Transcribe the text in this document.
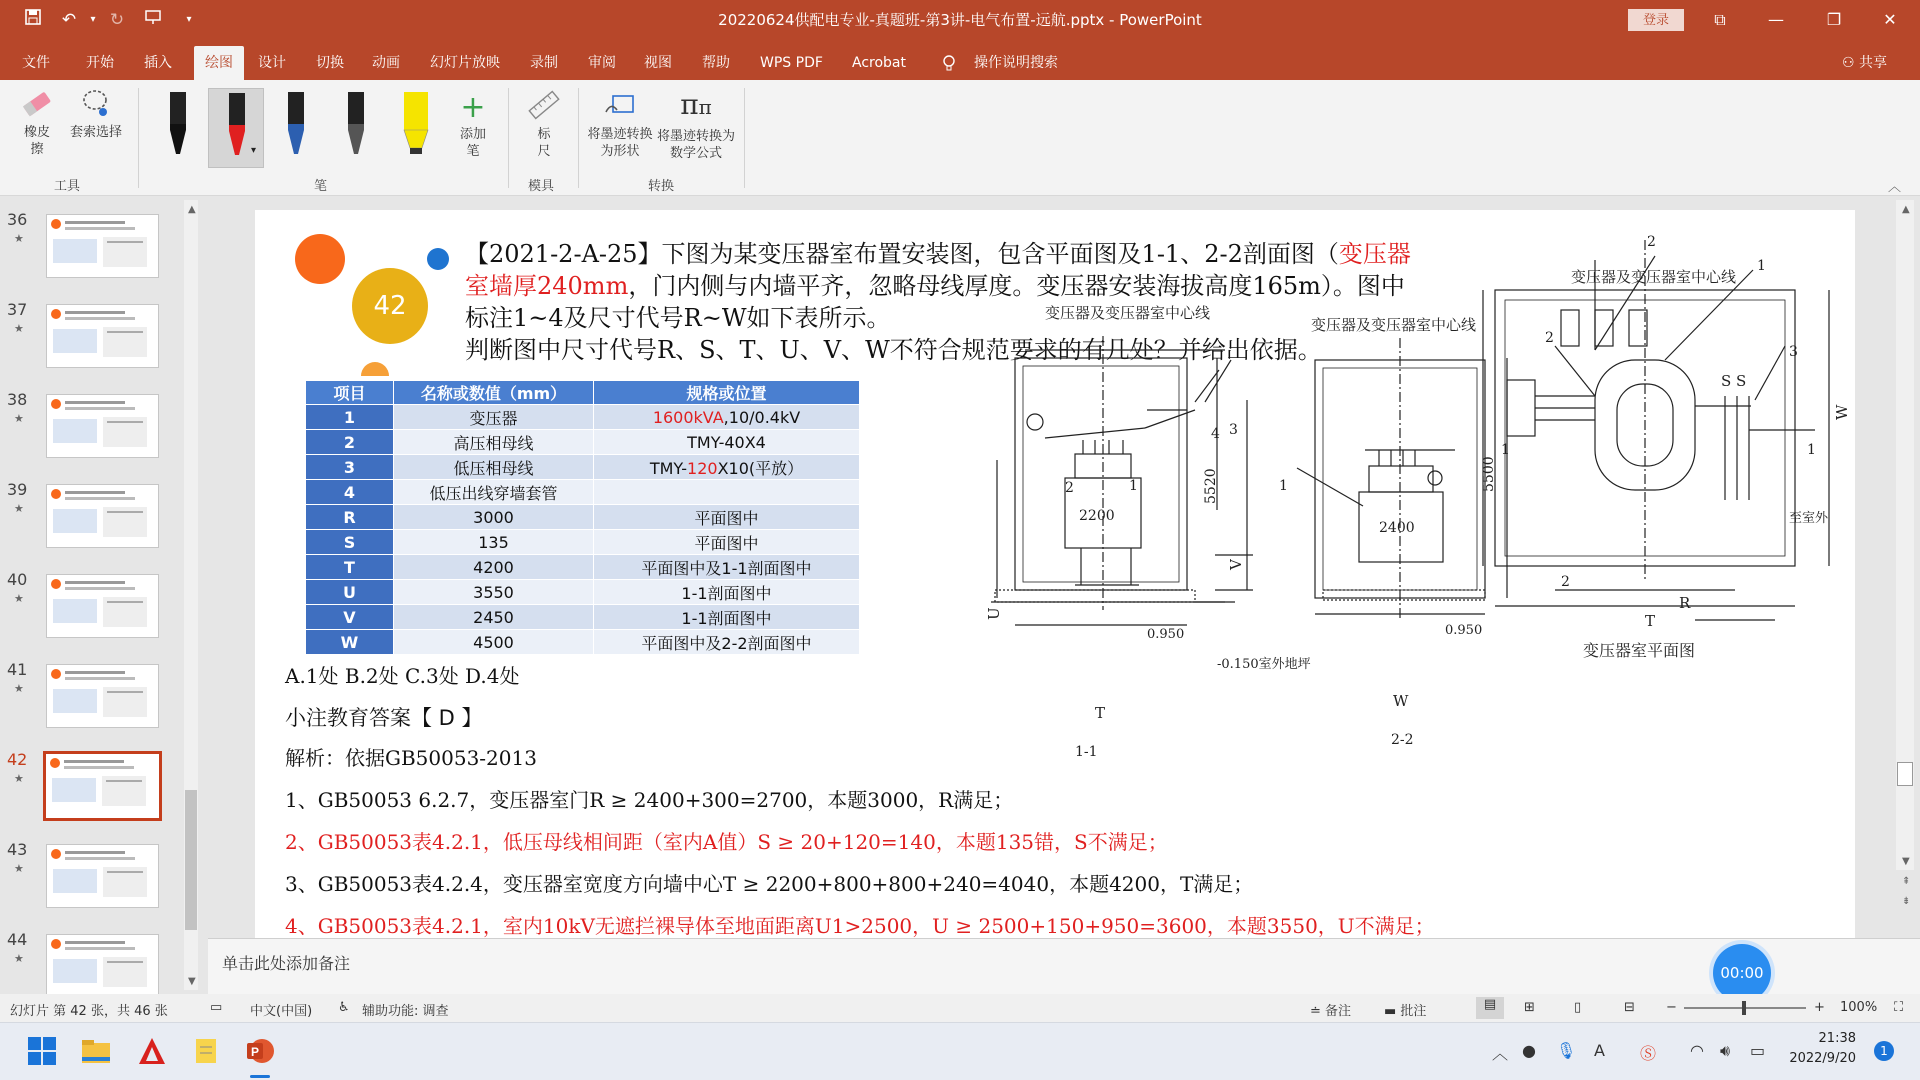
↶	▾ ↻	▾	20220624供配电专业-真题班-第3讲-电气布置-远航.pptx - PowerPoint	登录	⧉	—	❐	✕
文件	开始	插入	绘图	设计	切换	动画	幻灯片放映	录制	审阅	视图	帮助	WPS PDF	Acrobat	操作说明搜索	⚇ 共享
橡皮擦
套索选择
▾
+
添加笔
标尺
将墨迹转换为形状
ππ
将墨迹转换为数学公式
工具	笔	模具	转换	︿
36
★
37
★
38
★
39
★
40
★
41
★
42
★
43
★
44
★
▲
▼
42
【2021-2-A-25】下图为某变压器室布置安装图，包含平面图及1-1、2-2剖面图（变压器
室墙厚240mm，门内侧与内墙平齐，忽略母线厚度。变压器安装海拔高度165m）。图中
标注1~4及尺寸代号R~W如下表所示。
判断图中尺寸代号R、S、T、U、V、W不符合规范要求的有几处？并给出依据。
项目	名称或数值（mm）	规格或位置
1	变压器	1600kVA,10/0.4kV
2	高压相母线	TMY-40X4
3	低压相母线	TMY-120X10(平放）
4	低压出线穿墙套管	
R	3000	平面图中
S	135	平面图中
T	4200	平面图中及1-1剖面图中
U	3550	1-1剖面图中
V	2450	1-1剖面图中
W	4500	平面图中及2-2剖面图中
A.1处 B.2处 C.3处 D.4处
小注教育答案【 D 】
解析：依据GB50053-2013
1、GB50053 6.2.7，变压器室门R ≥ 2400+300=2700，本题3000，R满足；
2、GB50053表4.2.1，低压母线相间距（室内A值）S ≥ 20+120=140，本题135错，S不满足；
3、GB50053表4.2.4，变压器室宽度方向墙中心T ≥ 2200+800+800+240=4040，本题4200，T满足；
4、GB50053表4.2.1，室内10kV无遮拦裸导体至地面距离U1>2500，U ≥ 2500+150+950=3600，本题3550，U不满足；
变压器及变压器室中心线
变压器及变压器室中心线
变压器及变压器室中心线
2200
2400
5520	5500
0.950	0.950
-0.150室外地坪
T
T
W
W
U
V
R
S S
至室外
1-1
2-2
变压器室平面图
1	1
1
2
2
3
3
4
1	1
2
2
▲
▼
⇞
⇟
单击此处添加备注	00:00
幻灯片 第 42 张，共 46 张	▭ 中文(中国) ♿ 辅助功能: 调查	≐ 备注	▬ 批注	▤	⊞	▯	⊟ −	+ 100% ⛶
P	︿ ● 🎙︎ A Ⓢ ◠ 🔊︎ ▭
21:38
2022/9/20	1
